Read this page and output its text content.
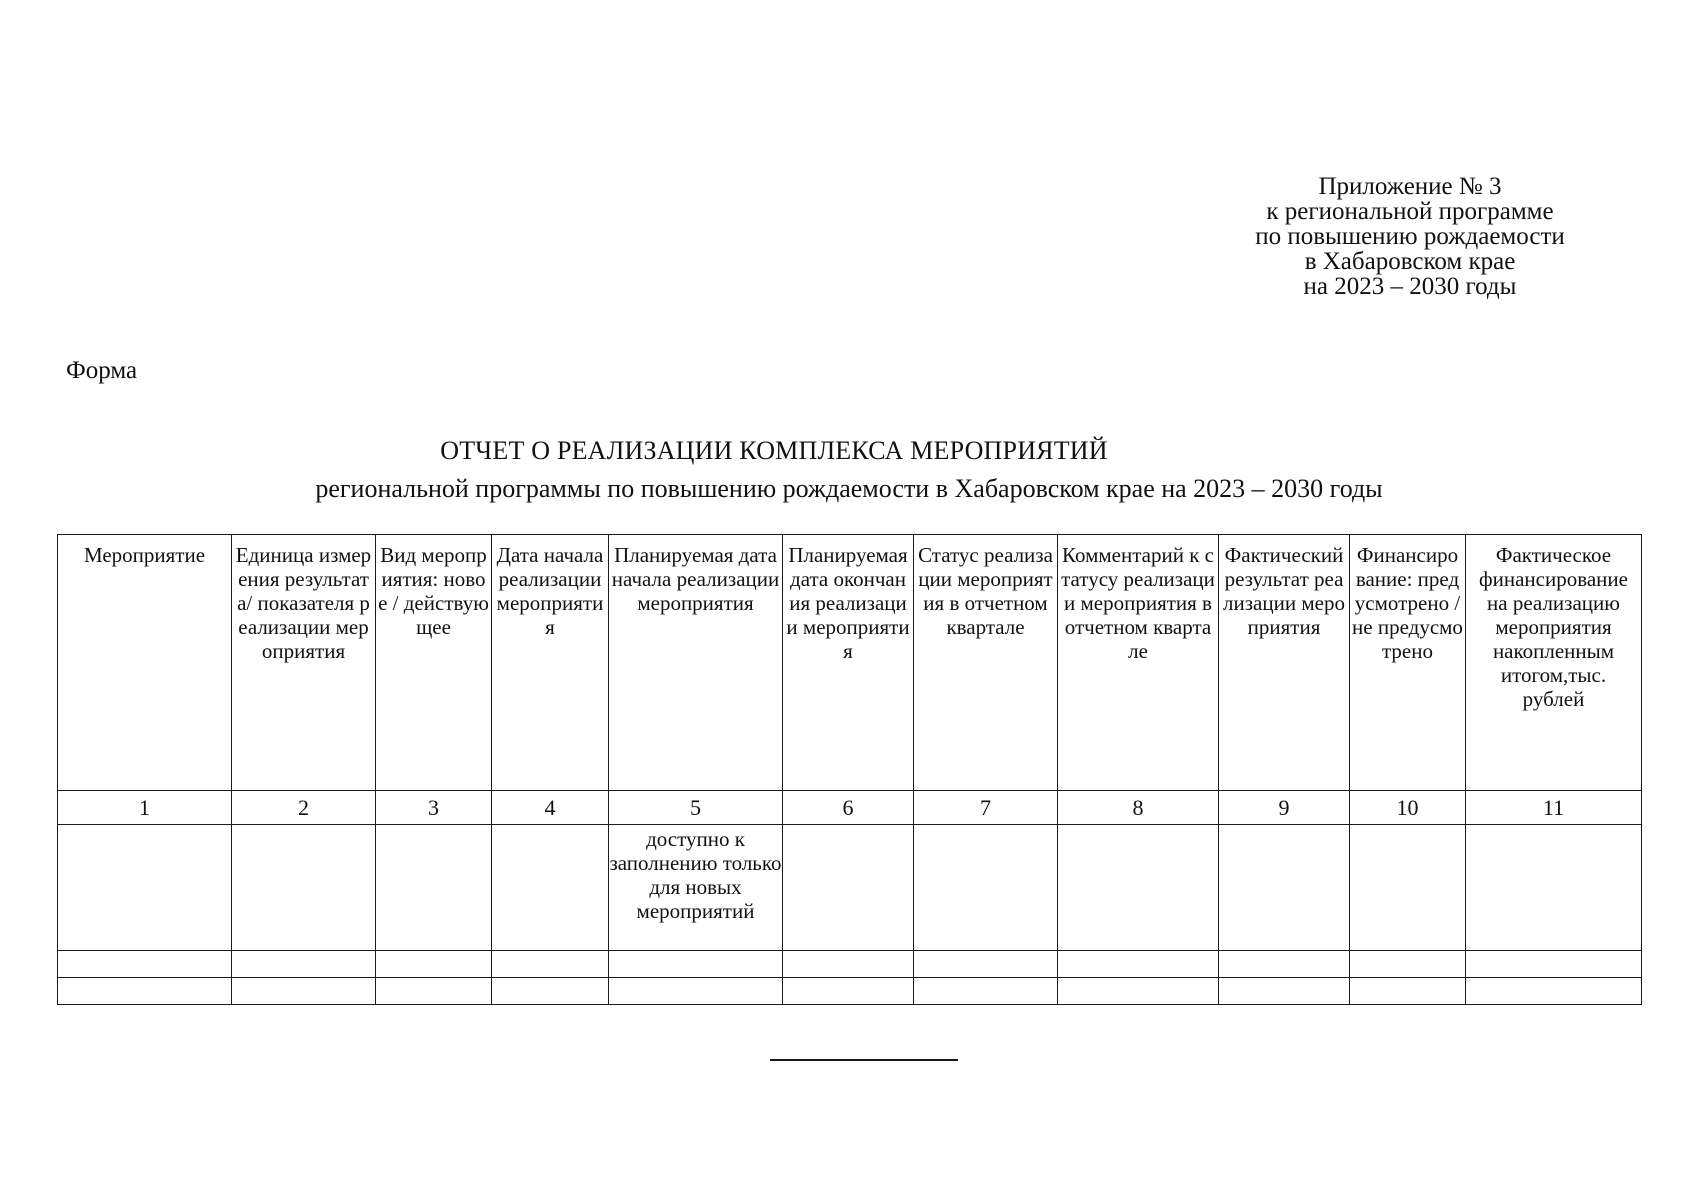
Приложение № 3
к региональной программе
по повышению рождаемости
в Хабаровском крае
на 2023 – 2030 годы
Форма
ОТЧЕТ О РЕАЛИЗАЦИИ КОМПЛЕКСА МЕРОПРИЯТИЙ
региональной программы по повышению рождаемости в Хабаровском крае на 2023 – 2030 годы
Мероприятие	Единица измерения результата/ показателя реализации мероприятия	Вид мероприятия: новое / действующее	Дата начала реализации мероприятия	Планируемая дата начала реализации мероприятия	Планируемая дата окончания реализации мероприятия	Статус реализации мероприятия в отчетном квартале	Комментарий к статусу реализации мероприятия вотчетном квартале	Фактический результат реализации мероприятия	Финансирование: предусмотрено / не предусмотрено	Фактическое финансирование на реализацию мероприятия накопленным итогом,тыс. рублей
1	2	3	4	5	6	7	8	9	10	11
				доступно к заполнению только для новых мероприятий						
